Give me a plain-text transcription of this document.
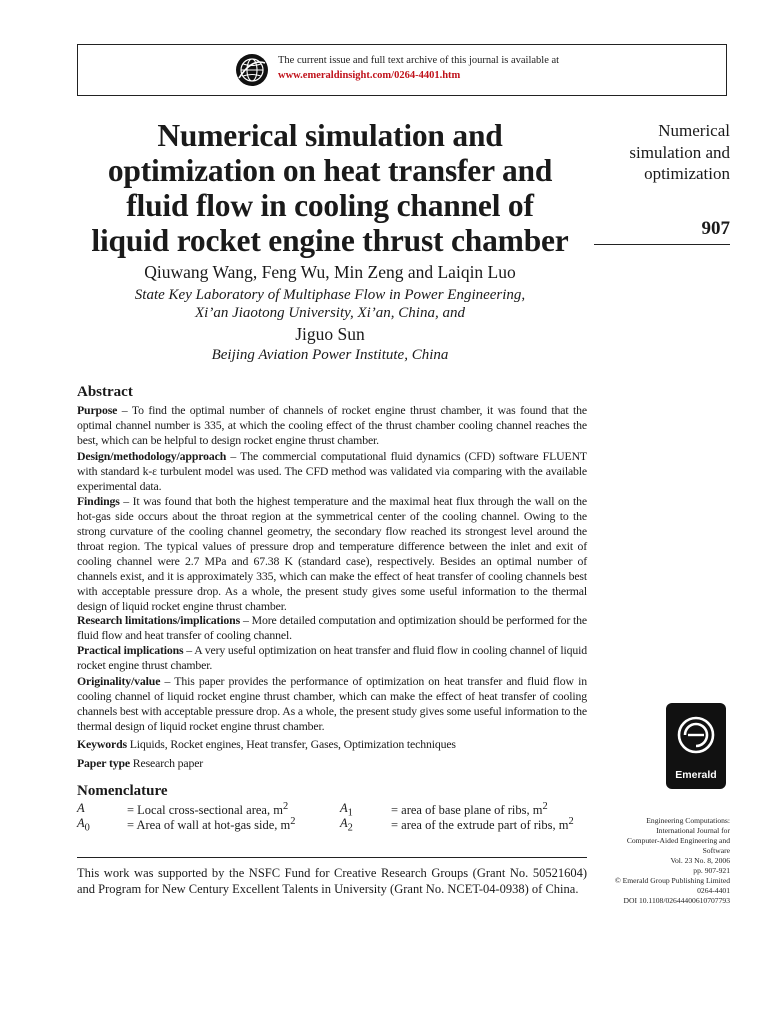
The current issue and full text archive of this journal is available at
www.emeraldinsight.com/0264-4401.htm
Numerical simulation and
optimization on heat transfer and
fluid flow in cooling channel of
liquid rocket engine thrust chamber
Numerical
simulation and
optimization
907
Qiuwang Wang, Feng Wu, Min Zeng and Laiqin Luo
State Key Laboratory of Multiphase Flow in Power Engineering,
Xi’an Jiaotong University, Xi’an, China, and
Jiguo Sun
Beijing Aviation Power Institute, China
Abstract
Purpose – To find the optimal number of channels of rocket engine thrust chamber, it was found that the optimal channel number is 335, at which the cooling effect of the thrust chamber cooling channel reaches the best, which can be helpful to design rocket engine thrust chamber.
Design/methodology/approach – The commercial computational fluid dynamics (CFD) software FLUENT with standard k-ε turbulent model was used. The CFD method was validated via comparing with the available experimental data.
Findings – It was found that both the highest temperature and the maximal heat flux through the wall on the hot-gas side occurs about the throat region at the symmetrical center of the cooling channel. Owing to the strong curvature of the cooling channel geometry, the secondary flow reached its strongest level around the throat region. The typical values of pressure drop and temperature difference between the inlet and exit of cooling channel were 2.7 MPa and 67.38 K (standard case), respectively. Besides an optimal number of channels exist, and it is approximately 335, which can make the effect of heat transfer of cooling channels best with acceptable pressure drop. As a whole, the present study gives some useful information to the thermal design of liquid rocket engine thrust chamber.
Research limitations/implications – More detailed computation and optimization should be performed for the fluid flow and heat transfer of cooling channel.
Practical implications – A very useful optimization on heat transfer and fluid flow in cooling channel of liquid rocket engine thrust chamber.
Originality/value – This paper provides the performance of optimization on heat transfer and fluid flow in cooling channel of liquid rocket engine thrust chamber, which can make the effect of heat transfer of cooling channels best with acceptable pressure drop. As a whole, the present study gives some useful information to the thermal design of liquid rocket engine thrust chamber.
Keywords Liquids, Rocket engines, Heat transfer, Gases, Optimization techniques
Paper type Research paper
Emerald
Nomenclature
A	= Local cross-sectional area, $m^2$	$A_1$	= area of base plane of ribs, $m^2$
$A_0$	= Area of wall at hot-gas side, $m^2$	$A_2$	= area of the extrude part of ribs, $m^2$	Engineering Computations:
International Journal for
Computer-Aided Engineering and
Software
Vol. 23 No. 8, 2006
pp. 907-921
© Emerald Group Publishing Limited
0264-4401
DOI 10.1108/02644400610707793
This work was supported by the NSFC Fund for Creative Research Groups (Grant No. 50521604) and Program for New Century Excellent Talents in University (Grant No. NCET-04-0938) of China.
